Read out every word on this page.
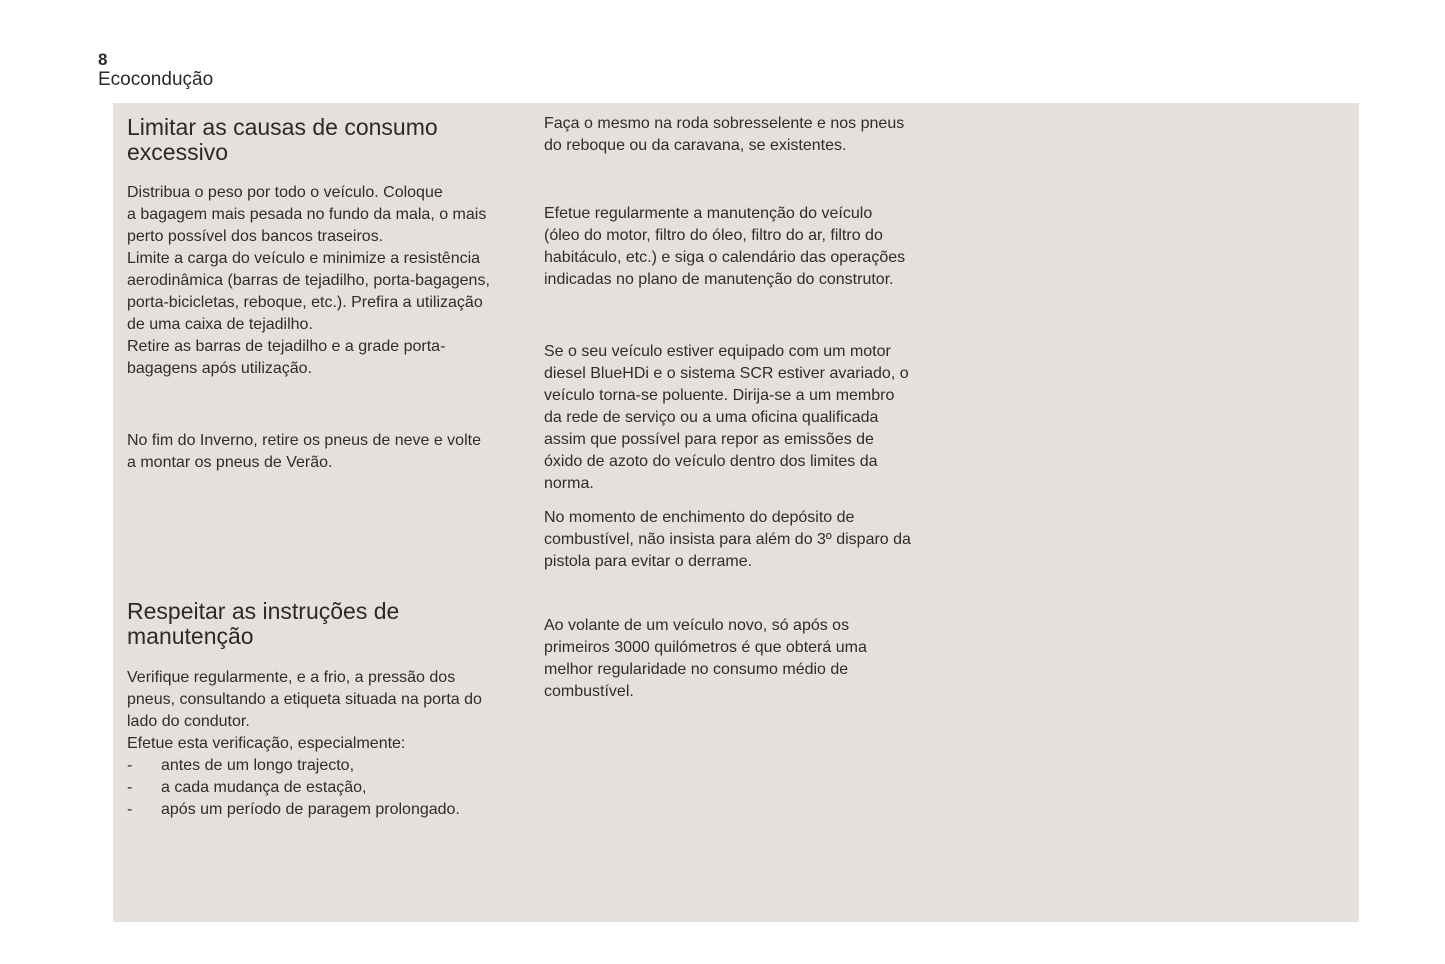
8
Ecocondução
Limitar as causas de consumo
excessivo
Distribua o peso por todo o veículo. Coloque
a bagagem mais pesada no fundo da mala, o mais
perto possível dos bancos traseiros.
Limite a carga do veículo e minimize a resistência
aerodinâmica (barras de tejadilho, porta-bagagens,
porta-bicicletas, reboque, etc.). Prefira a utilização
de uma caixa de tejadilho.
Retire as barras de tejadilho e a grade porta-
bagagens após utilização.
No fim do Inverno, retire os pneus de neve e volte
a montar os pneus de Verão.
Respeitar as instruções de
manutenção
Verifique regularmente, e a frio, a pressão dos
pneus, consultando a etiqueta situada na porta do
lado do condutor.
Efetue esta verificação, especialmente:
-	antes de um longo trajecto,
-	a cada mudança de estação,
-	após um período de paragem prolongado.
Faça o mesmo na roda sobresselente e nos pneus
do reboque ou da caravana, se existentes.
Efetue regularmente a manutenção do veículo
(óleo do motor, filtro do óleo, filtro do ar, filtro do
habitáculo, etc.) e siga o calendário das operações
indicadas no plano de manutenção do construtor.
Se o seu veículo estiver equipado com um motor
diesel BlueHDi e o sistema SCR estiver avariado, o
veículo torna-se poluente. Dirija-se a um membro
da rede de serviço ou a uma oficina qualificada
assim que possível para repor as emissões de
óxido de azoto do veículo dentro dos limites da
norma.
No momento de enchimento do depósito de
combustível, não insista para além do 3º disparo da
pistola para evitar o derrame.
Ao volante de um veículo novo, só após os
primeiros 3000 quilómetros é que obterá uma
melhor regularidade no consumo médio de
combustível.
